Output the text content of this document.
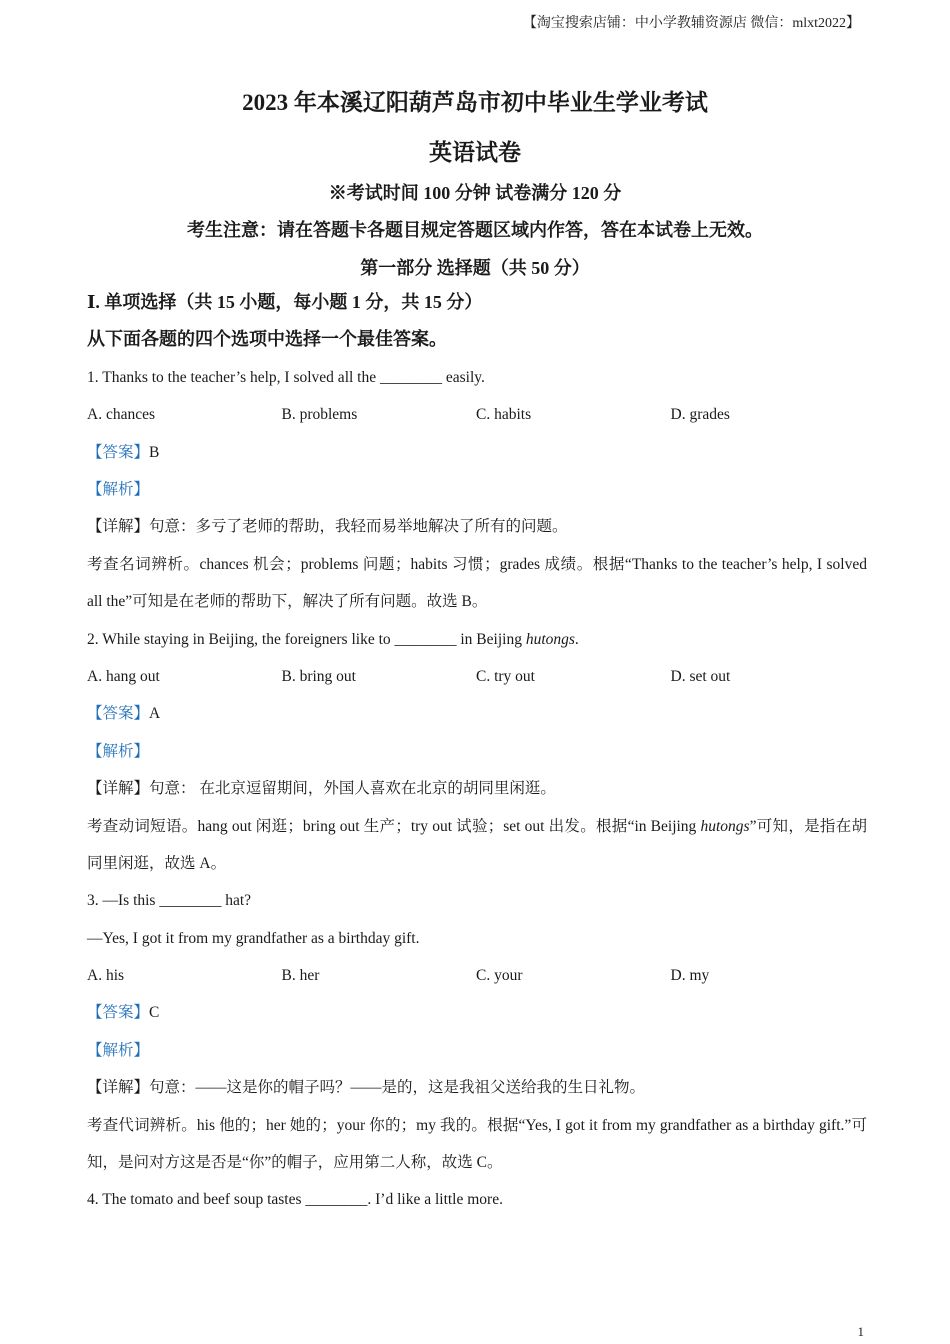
【淘宝搜索店铺：中小学教辅资源店 微信：mlxt2022】
2023 年本溪辽阳葫芦岛市初中毕业生学业考试
英语试卷
※考试时间 100 分钟 试卷满分 120 分
考生注意：请在答题卡各题目规定答题区域内作答，答在本试卷上无效。
第一部分 选择题（共 50 分）
Ⅰ. 单项选择（共 15 小题，每小题 1 分，共 15 分）
从下面各题的四个选项中选择一个最佳答案。
1. Thanks to the teacher’s help, I solved all the ________ easily.
A. chances	B. problems	C. habits	D. grades
【答案】B
【解析】
【详解】句意：多亏了老师的帮助，我轻而易举地解决了所有的问题。
考查名词辨析。chances 机会；problems 问题；habits 习惯；grades 成绩。根据“Thanks to the teacher’s help, I solved all the”可知是在老师的帮助下，解决了所有问题。故选 B。
2. While staying in Beijing, the foreigners like to ________ in Beijing hutongs.
A. hang out	B. bring out	C. try out	D. set out
【答案】A
【解析】
【详解】句意： 在北京逗留期间，外国人喜欢在北京的胡同里闲逛。
考查动词短语。hang out 闲逛；bring out 生产；try out 试验；set out 出发。根据“in Beijing hutongs”可知，是指在胡同里闲逛，故选 A。
3. —Is this ________ hat?
—Yes, I got it from my grandfather as a birthday gift.
A. his	B. her	C. your	D. my
【答案】C
【解析】
【详解】句意：——这是你的帽子吗？——是的，这是我祖父送给我的生日礼物。
考查代词辨析。his 他的；her 她的；your 你的；my 我的。根据“Yes, I got it from my grandfather as a birthday gift.”可知，是问对方这是否是“你”的帽子，应用第二人称，故选 C。
4. The tomato and beef soup tastes ________. I’d like a little more.
1
